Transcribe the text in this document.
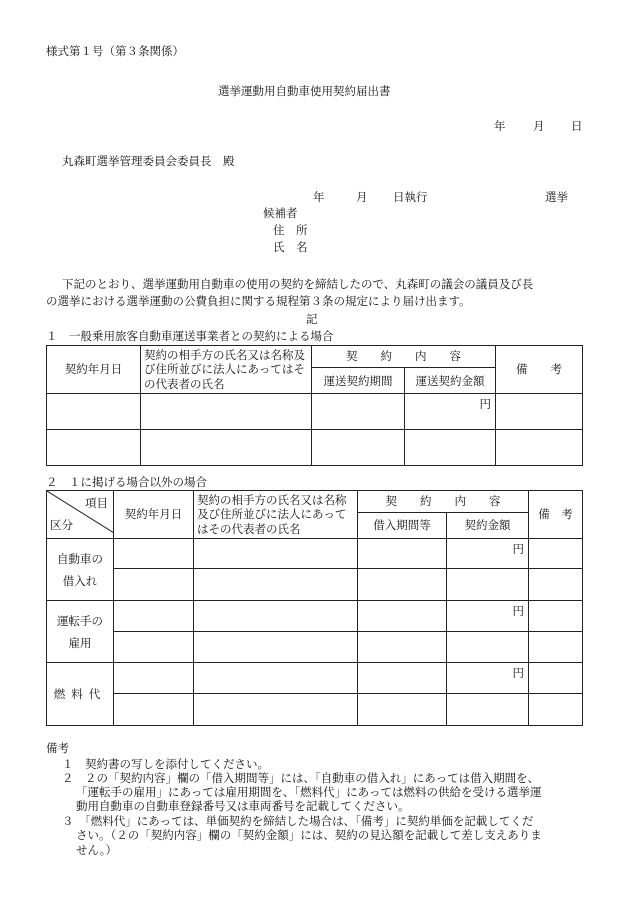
様式第１号（第３条関係）
選挙運動用自動車使用契約届出書
年 月 日
丸森町選挙管理委員会委員長　殿
年	月 日執行	選挙
候補者
住　所
氏　名
下記のとおり、選挙運動用自動車の使用の契約を締結したので、丸森町の議会の議員及び長
の選挙における選挙運動の公費負担に関する規程第３条の規定により届け出ます。
記
１　一般乗用旅客自動車運送事業者との契約による場合
契約年月日	契約の相手方の氏名又は名称及び住所並びに法人にあってはその代表者の氏名	契　　約　　内　　容		備　　考
		運送契約期間	運送契約金額	
			円	

２　１に掲げる場合以外の場合
項目
区分	契約年月日	契約の相手方の氏名又は名称及び住所並びに法人にあってはその代表者の氏名	契　　約　　内　　容		備　考
			借入期間等	契約金額	
自動車の借入れ				円	

運転手の雇用				円	

燃料代				円	

備考
１　契約書の写しを添付してください。
２　２の「契約内容」欄の「借入期間等」には、「自動車の借入れ」にあっては借入期間を、
「運転手の雇用」にあっては雇用期間を、「燃料代」にあっては燃料の供給を受ける選挙運
動用自動車の自動車登録番号又は車両番号を記載してください。
３　「燃料代」にあっては、単価契約を締結した場合は、「備考」に契約単価を記載してくだ
さい。（２の「契約内容」欄の「契約金額」には、契約の見込額を記載して差し支えありま
せん。）
